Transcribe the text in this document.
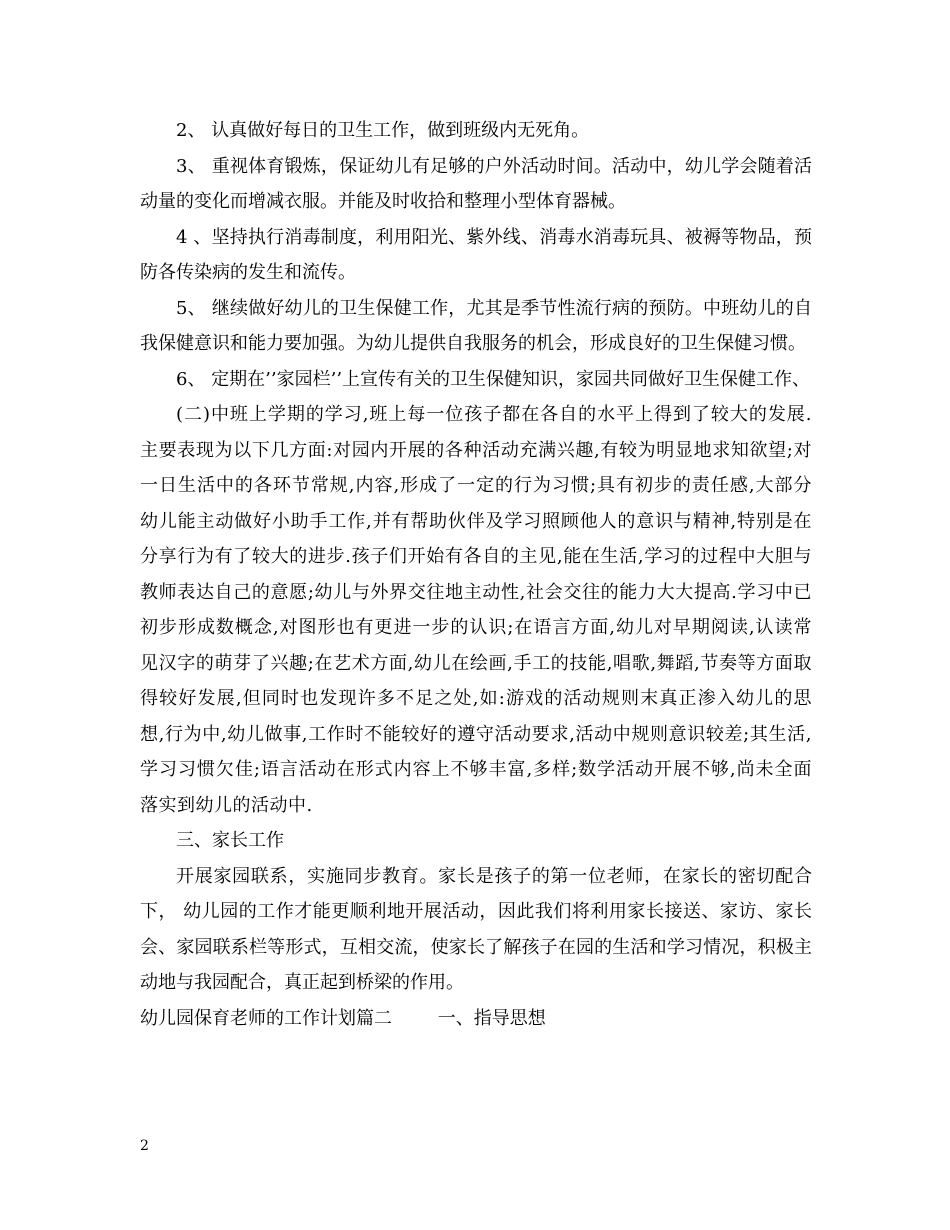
2、 认真做好每日的卫生工作，做到班级内无死角。

3、 重视体育锻炼，保证幼儿有足够的户外活动时间。活动中，幼儿学会随着活动量的变化而增减衣服。并能及时收拾和整理小型体育器械。

4 、坚持执行消毒制度，利用阳光、紫外线、消毒水消毒玩具、被褥等物品，预防各传染病的发生和流传。

5、 继续做好幼儿的卫生保健工作，尤其是季节性流行病的预防。中班幼儿的自我保健意识和能力要加强。为幼儿提供自我服务的机会，形成良好的卫生保健习惯。

6、 定期在’’家园栏’’上宣传有关的卫生保健知识，家园共同做好卫生保健工作、

(二)中班上学期的学习,班上每一位孩子都在各自的水平上得到了较大的发展.主要表现为以下几方面:对园内开展的各种活动充满兴趣,有较为明显地求知欲望;对一日生活中的各环节常规,内容,形成了一定的行为习惯;具有初步的责任感,大部分幼儿能主动做好小助手工作,并有帮助伙伴及学习照顾他人的意识与精神,特别是在分享行为有了较大的进步.孩子们开始有各自的主见,能在生活,学习的过程中大胆与教师表达自己的意愿;幼儿与外界交往地主动性,社会交往的能力大大提高.学习中已初步形成数概念,对图形也有更进一步的认识;在语言方面,幼儿对早期阅读,认读常见汉字的萌芽了兴趣;在艺术方面,幼儿在绘画,手工的技能,唱歌,舞蹈,节奏等方面取得较好发展,但同时也发现许多不足之处,如:游戏的活动规则末真正渗入幼儿的思想,行为中,幼儿做事,工作时不能较好的遵守活动要求,活动中规则意识较差;其生活,学习习惯欠佳;语言活动在形式内容上不够丰富,多样;数学活动开展不够,尚未全面落实到幼儿的活动中.

三、家长工作

开展家园联系，实施同步教育。家长是孩子的第一位老师，在家长的密切配合下， 幼儿园的工作才能更顺利地开展活动，因此我们将利用家长接送、家访、家长会、家园联系栏等形式，互相交流，使家长了解孩子在园的生活和学习情况，积极主动地与我园配合，真正起到桥梁的作用。

幼儿园保育老师的工作计划篇二	一、指导思想

2
